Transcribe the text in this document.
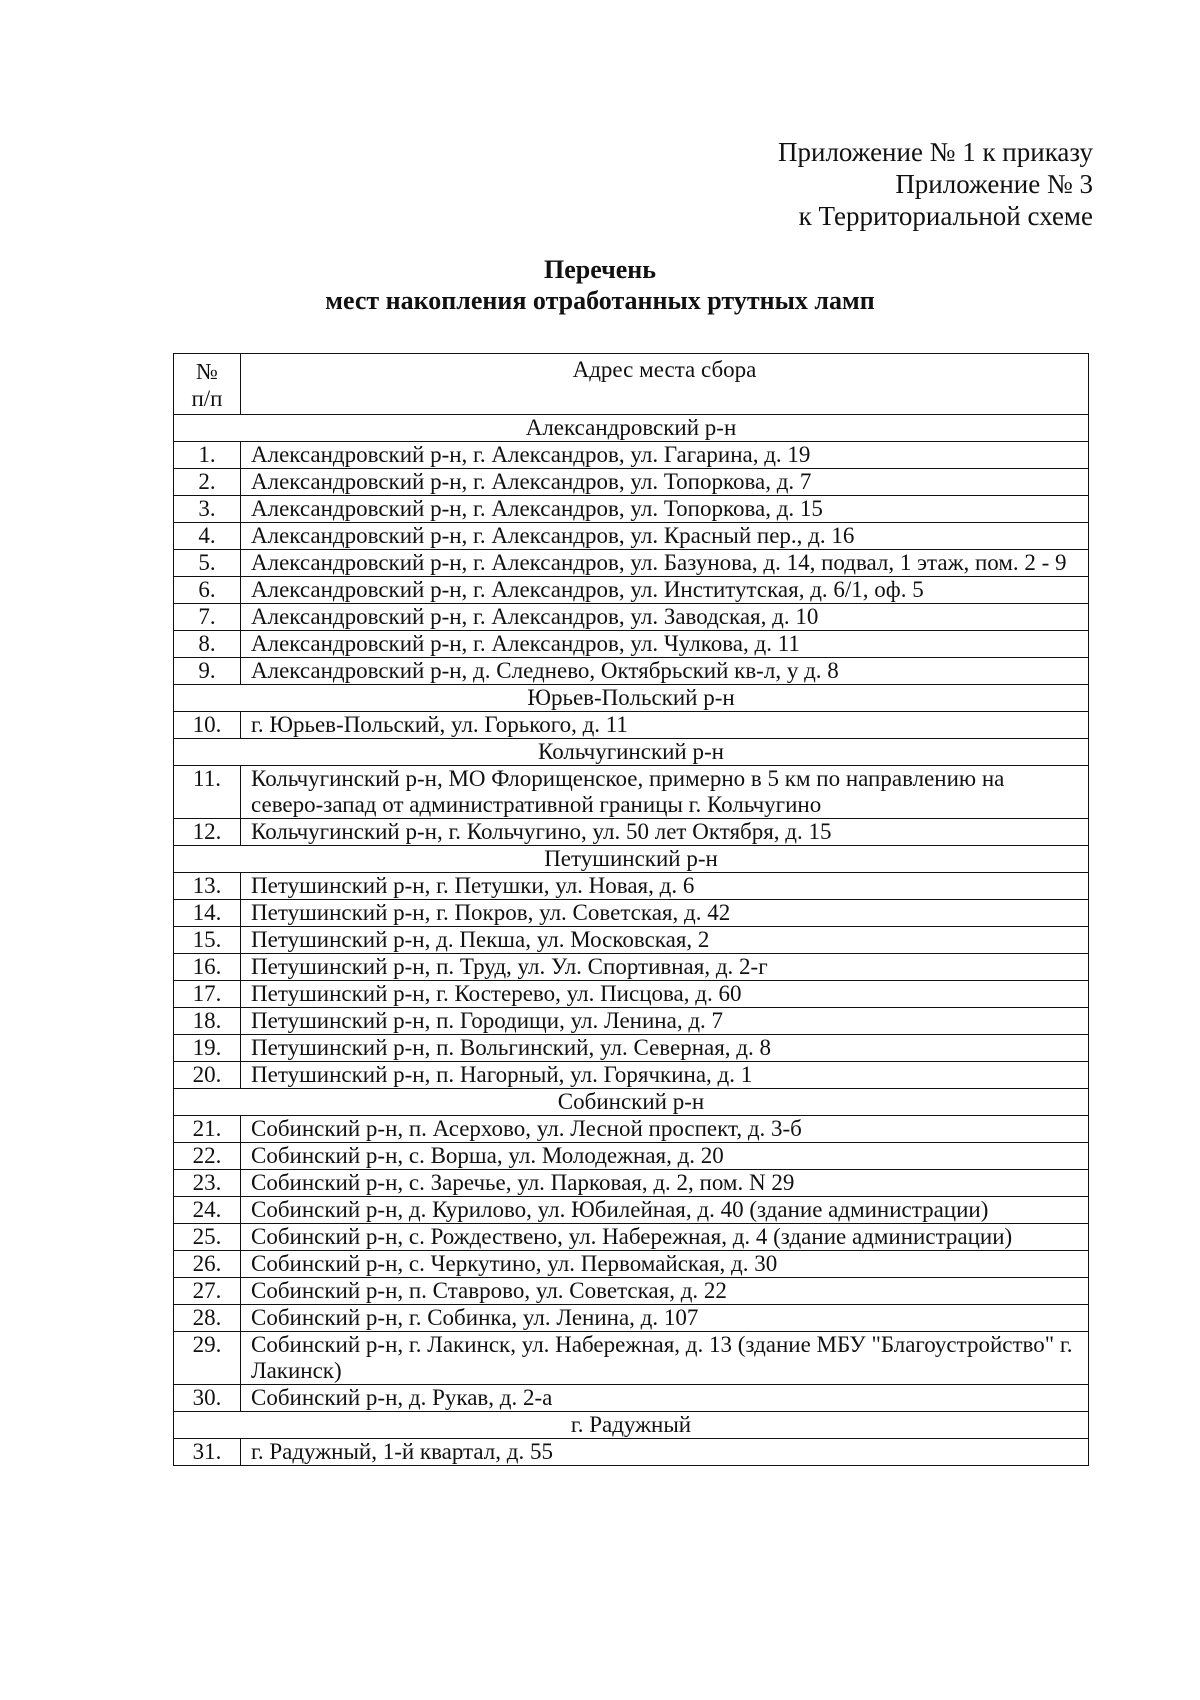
Приложение № 1 к приказу
Приложение № 3
к Территориальной схеме
Перечень
мест накопления отработанных ртутных ламп
№
п/п	Адрес места сбора
Александровский р-н	
1.	Александровский р-н, г. Александров, ул. Гагарина, д. 19
2.	Александровский р-н, г. Александров, ул. Топоркова, д. 7
3.	Александровский р-н, г. Александров, ул. Топоркова, д. 15
4.	Александровский р-н, г. Александров, ул. Красный пер., д. 16
5.	Александровский р-н, г. Александров, ул. Базунова, д. 14, подвал, 1 этаж, пом. 2 - 9
6.	Александровский р-н, г. Александров, ул. Институтская, д. 6/1, оф. 5
7.	Александровский р-н, г. Александров, ул. Заводская, д. 10
8.	Александровский р-н, г. Александров, ул. Чулкова, д. 11
9.	Александровский р-н, д. Следнево, Октябрьский кв-л, у д. 8
Юрьев-Польский р-н	
10.	г. Юрьев-Польский, ул. Горького, д. 11
Кольчугинский р-н	
11.	Кольчугинский р-н, МО Флорищенское, примерно в 5 км по направлению на северо-запад от административной границы г. Кольчугино
12.	Кольчугинский р-н, г. Кольчугино, ул. 50 лет Октября, д. 15
Петушинский р-н	
13.	Петушинский р-н, г. Петушки, ул. Новая, д. 6
14.	Петушинский р-н, г. Покров, ул. Советская, д. 42
15.	Петушинский р-н, д. Пекша, ул. Московская, 2
16.	Петушинский р-н, п. Труд, ул. Ул. Спортивная, д. 2-г
17.	Петушинский р-н, г. Костерево, ул. Писцова, д. 60
18.	Петушинский р-н, п. Городищи, ул. Ленина, д. 7
19.	Петушинский р-н, п. Вольгинский, ул. Северная, д. 8
20.	Петушинский р-н, п. Нагорный, ул. Горячкина, д. 1
Собинский р-н	
21.	Собинский р-н, п. Асерхово, ул. Лесной проспект, д. 3-б
22.	Собинский р-н, с. Ворша, ул. Молодежная, д. 20
23.	Собинский р-н, с. Заречье, ул. Парковая, д. 2, пом. N 29
24.	Собинский р-н, д. Курилово, ул. Юбилейная, д. 40 (здание администрации)
25.	Собинский р-н, с. Рождествено, ул. Набережная, д. 4 (здание администрации)
26.	Собинский р-н, с. Черкутино, ул. Первомайская, д. 30
27.	Собинский р-н, п. Ставрово, ул. Советская, д. 22
28.	Собинский р-н, г. Собинка, ул. Ленина, д. 107
29.	Собинский р-н, г. Лакинск, ул. Набережная, д. 13 (здание МБУ "Благоустройство" г. Лакинск)
30.	Собинский р-н, д. Рукав, д. 2-а
г. Радужный	
31.	г. Радужный, 1-й квартал, д. 55
